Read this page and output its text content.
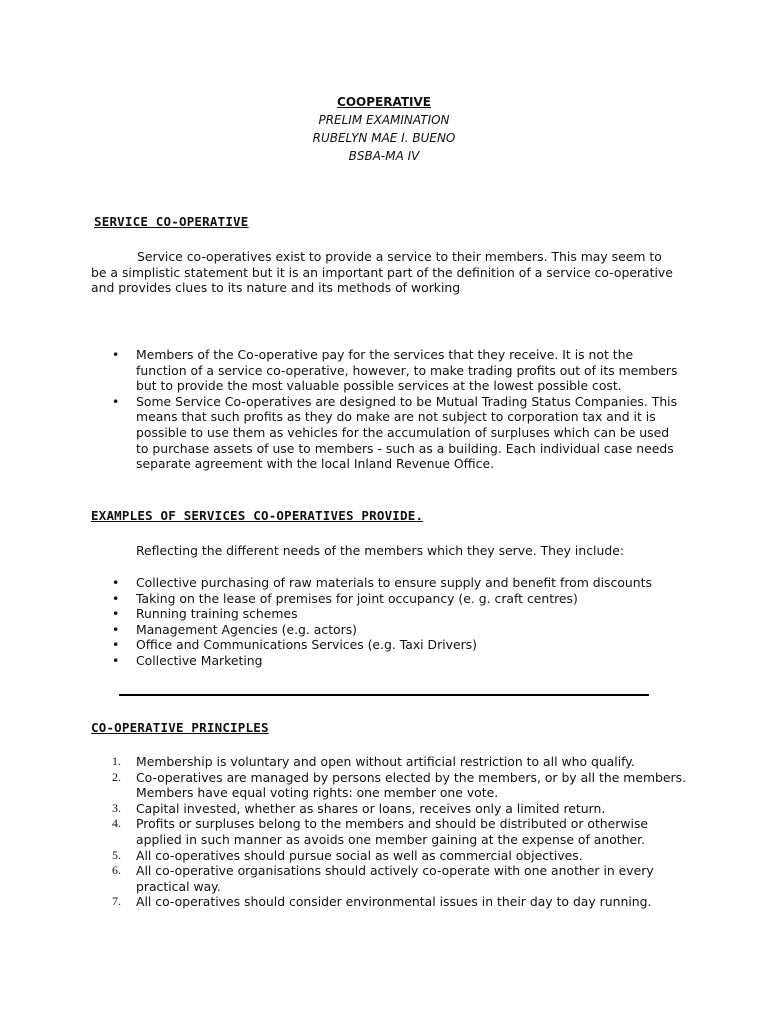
COOPERATIVE
PRELIM EXAMINATION
RUBELYN MAE I. BUENO
BSBA-MA IV
SERVICE CO-OPERATIVE

Service co-operatives exist to provide a service to their members. This may seem to be a simplistic statement but it is an important part of the definition of a service co-operative and provides clues to its nature and its methods of working

• Members of the Co-operative pay for the services that they receive. It is not the function of a service co-operative, however, to make trading profits out of its members but to provide the most valuable possible services at the lowest possible cost.
• Some Service Co-operatives are designed to be Mutual Trading Status Companies. This means that such profits as they do make are not subject to corporation tax and it is possible to use them as vehicles for the accumulation of surpluses which can be used to purchase assets of use to members - such as a building. Each individual case needs separate agreement with the local Inland Revenue Office.
EXAMPLES OF SERVICES CO-OPERATIVES PROVIDE.

Reflecting the different needs of the members which they serve. They include:

• Collective purchasing of raw materials to ensure supply and benefit from discounts
• Taking on the lease of premises for joint occupancy (e. g. craft centres)
• Running training schemes
• Management Agencies (e.g. actors)
• Office and Communications Services (e.g. Taxi Drivers)
• Collective Marketing
CO-OPERATIVE PRINCIPLES
1. Membership is voluntary and open without artificial restriction to all who qualify.
2. Co-operatives are managed by persons elected by the members, or by all the members. Members have equal voting rights: one member one vote.
3. Capital invested, whether as shares or loans, receives only a limited return.
4. Profits or surpluses belong to the members and should be distributed or otherwise applied in such manner as avoids one member gaining at the expense of another.
5. All co-operatives should pursue social as well as commercial objectives.
6. All co-operative organisations should actively co-operate with one another in every practical way.
7. All co-operatives should consider environmental issues in their day to day running.
